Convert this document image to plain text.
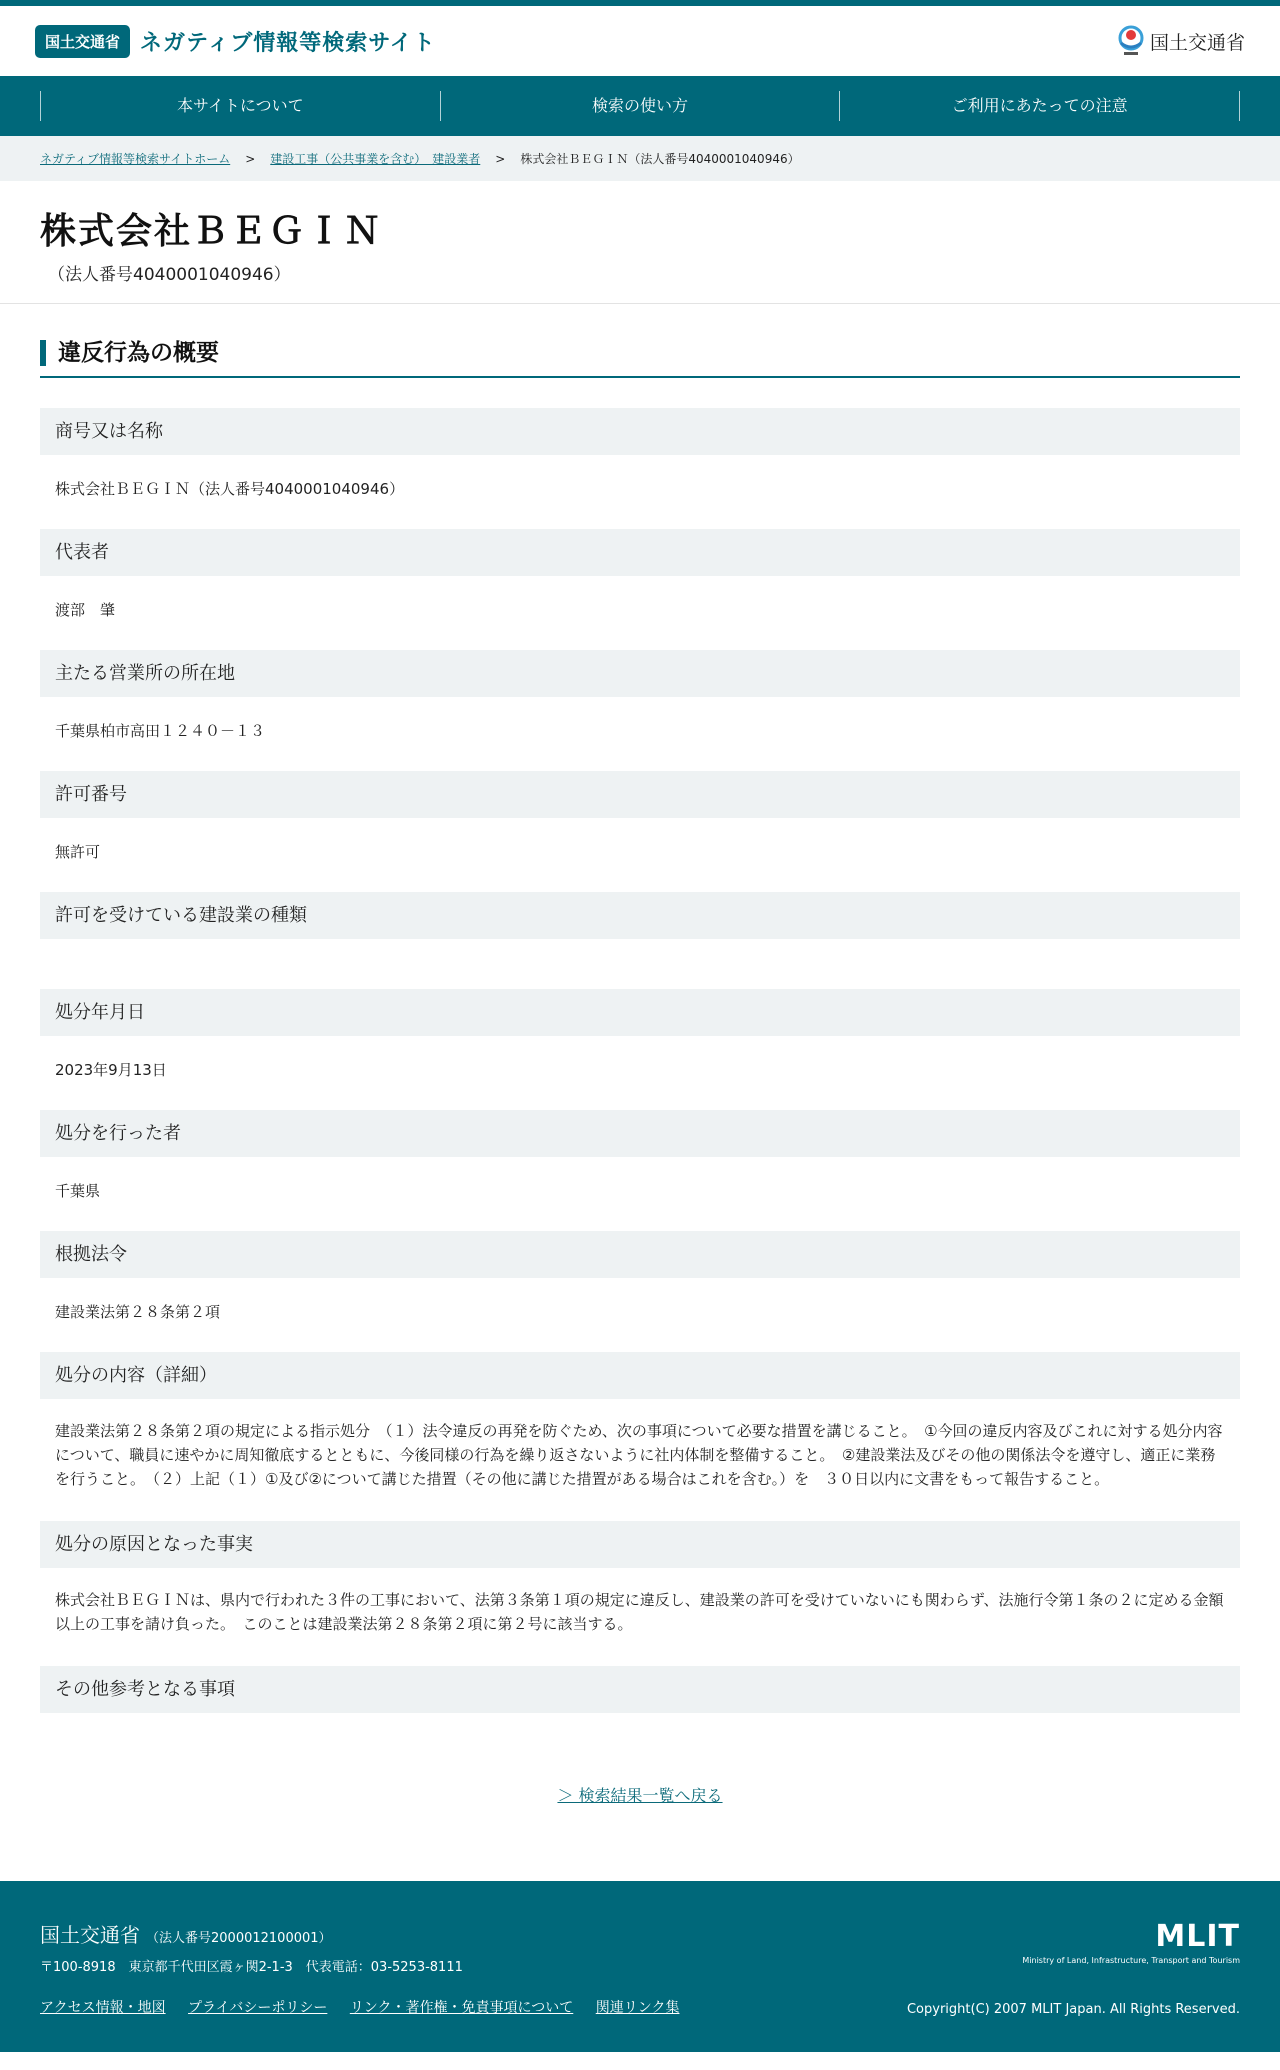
国土交通省 ネガティブ情報等検索サイト	国土交通省
本サイトについて	検索の使い方	ご利用にあたっての注意
ネガティブ情報等検索サイトホーム > 建設工事（公共事業を含む）　建設業者 > 株式会社ＢＥＧＩＮ（法人番号4040001040946）
株式会社ＢＥＧＩＮ
（法人番号4040001040946）
違反行為の概要
商号又は名称
株式会社ＢＥＧＩＮ（法人番号4040001040946）
代表者
渡部　肇
主たる営業所の所在地
千葉県柏市高田１２４０－１３
許可番号
無許可
許可を受けている建設業の種類
処分年月日
2023年9月13日
処分を行った者
千葉県
根拠法令
建設業法第２８条第２項
処分の内容（詳細）
建設業法第２８条第２項の規定による指示処分　（１）法令違反の再発を防ぐため、次の事項について必要な措置を講じること。　①今回の違反内容及びこれに対する処分内容について、職員に速やかに周知徹底するとともに、今後同様の行為を繰り返さないように社内体制を整備すること。　②建設業法及びその他の関係法令を遵守し、適正に業務を行うこと。　（２）上記（１）①及び②について講じた措置（その他に講じた措置がある場合はこれを含む。）を　３０日以内に文書をもって報告すること。
処分の原因となった事実
株式会社ＢＥＧＩＮは、県内で行われた３件の工事において、法第３条第１項の規定に違反し、建設業の許可を受けていないにも関わらず、法施行令第１条の２に定める金額以上の工事を請け負った。　このことは建設業法第２８条第２項に第２号に該当する。
その他参考となる事項
＞ 検索結果一覧へ戻る
国土交通省 （法人番号2000012100001）
〒100-8918　東京都千代田区霞ヶ関2-1-3　代表電話：03-5253-8111
アクセス情報・地図 プライバシーポリシー リンク・著作権・免責事項について 関連リンク集
MLIT
Ministry of Land, Infrastructure, Transport and Tourism
Copyright(C) 2007 MLIT Japan. All Rights Reserved.
